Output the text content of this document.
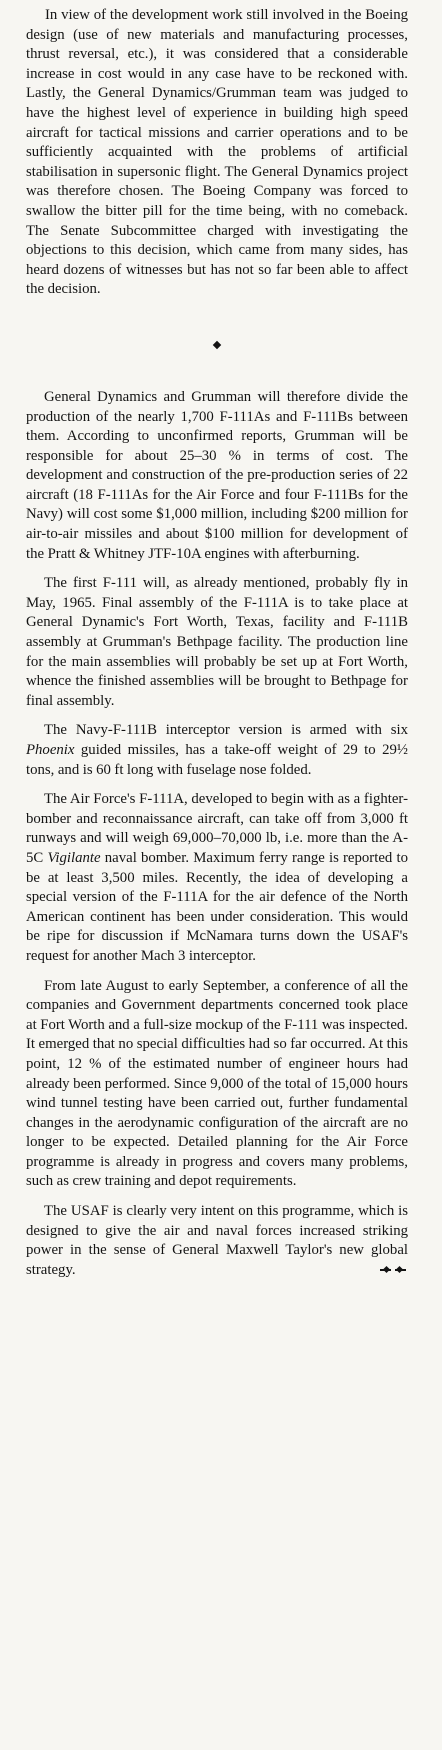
In view of the development work still involved in the Boeing design (use of new materials and manufacturing processes, thrust reversal, etc.), it was considered that a considerable increase in cost would in any case have to be reckoned with. Lastly, the General Dynamics/Grumman team was judged to have the highest level of experience in building high speed aircraft for tactical missions and carrier operations and to be sufficiently acquainted with the problems of artificial stabilisation in supersonic flight. The General Dynamics project was therefore chosen. The Boeing Company was forced to swallow the bitter pill for the time being, with no comeback. The Senate Subcommittee charged with investigating the objections to this decision, which came from many sides, has heard dozens of witnesses but has not so far been able to affect the decision.

General Dynamics and Grumman will therefore divide the production of the nearly 1,700 F-111As and F-111Bs between them. According to unconfirmed reports, Grumman will be responsible for about 25–30 % in terms of cost. The development and construction of the pre-production series of 22 aircraft (18 F-111As for the Air Force and four F-111Bs for the Navy) will cost some $1,000 million, including $200 million for air-to-air missiles and about $100 million for development of the Pratt & Whitney JTF-10A engines with afterburning.

The first F-111 will, as already mentioned, probably fly in May, 1965. Final assembly of the F-111A is to take place at General Dynamic's Fort Worth, Texas, facility and F-111B assembly at Grumman's Bethpage facility. The production line for the main assemblies will probably be set up at Fort Worth, whence the finished assemblies will be brought to Bethpage for final assembly.

The Navy-F-111B interceptor version is armed with six Phoenix guided missiles, has a take-off weight of 29 to 29½ tons, and is 60 ft long with fuselage nose folded.

The Air Force's F-111A, developed to begin with as a fighter-bomber and reconnaissance aircraft, can take off from 3,000 ft runways and will weigh 69,000–70,000 lb, i.e. more than the A-5C Vigilante naval bomber. Maximum ferry range is reported to be at least 3,500 miles. Recently, the idea of developing a special version of the F-111A for the air defence of the North American continent has been under consideration. This would be ripe for discussion if McNamara turns down the USAF's request for another Mach 3 interceptor.

From late August to early September, a conference of all the companies and Government departments concerned took place at Fort Worth and a full-size mockup of the F-111 was inspected. It emerged that no special difficulties had so far occurred. At this point, 12 % of the estimated number of engineer hours had already been performed. Since 9,000 of the total of 15,000 hours wind tunnel testing have been carried out, further fundamental changes in the aerodynamic configuration of the aircraft are no longer to be expected. Detailed planning for the Air Force programme is already in progress and covers many problems, such as crew training and depot requirements.

The USAF is clearly very intent on this programme, which is designed to give the air and naval forces increased striking power in the sense of General Maxwell Taylor's new global strategy.
